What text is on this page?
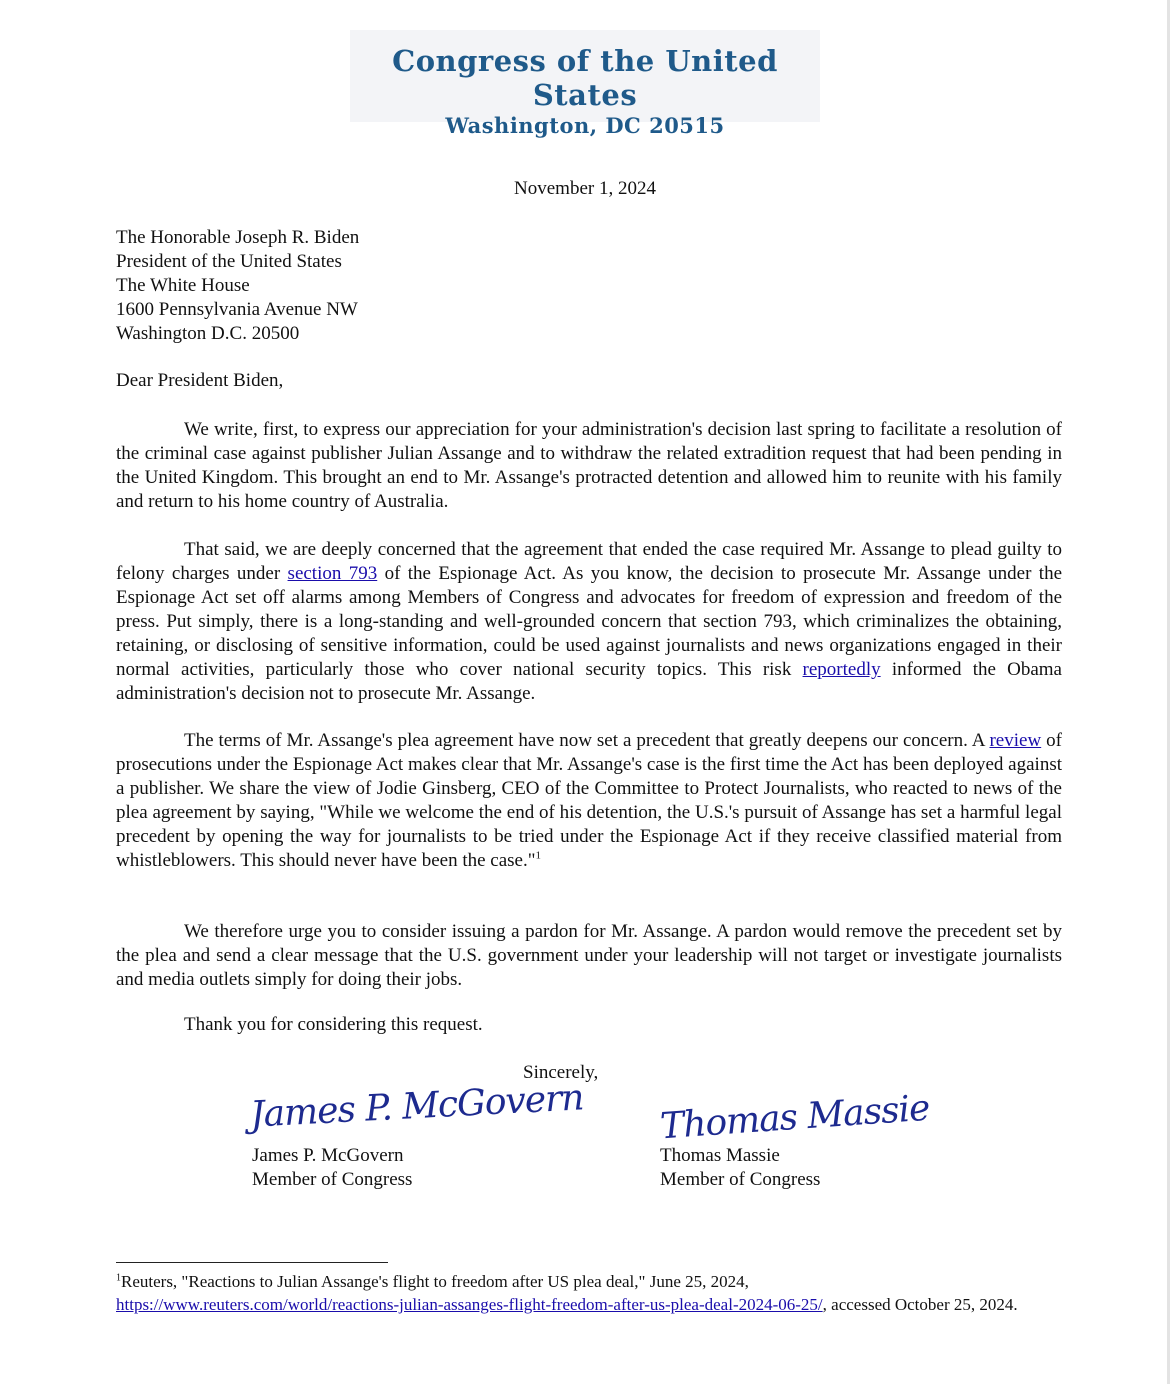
Congress of the United States
Washington, DC 20515
November 1, 2024
The Honorable Joseph R. Biden
President of the United States
The White House
1600 Pennsylvania Avenue NW
Washington D.C. 20500
Dear President Biden,
We write, first, to express our appreciation for your administration's decision last spring to facilitate a resolution of the criminal case against publisher Julian Assange and to withdraw the related extradition request that had been pending in the United Kingdom. This brought an end to Mr. Assange's protracted detention and allowed him to reunite with his family and return to his home country of Australia.
That said, we are deeply concerned that the agreement that ended the case required Mr. Assange to plead guilty to felony charges under section 793 of the Espionage Act. As you know, the decision to prosecute Mr. Assange under the Espionage Act set off alarms among Members of Congress and advocates for freedom of expression and freedom of the press. Put simply, there is a long-standing and well-grounded concern that section 793, which criminalizes the obtaining, retaining, or disclosing of sensitive information, could be used against journalists and news organizations engaged in their normal activities, particularly those who cover national security topics. This risk reportedly informed the Obama administration's decision not to prosecute Mr. Assange.
The terms of Mr. Assange's plea agreement have now set a precedent that greatly deepens our concern. A review of prosecutions under the Espionage Act makes clear that Mr. Assange's case is the first time the Act has been deployed against a publisher. We share the view of Jodie Ginsberg, CEO of the Committee to Protect Journalists, who reacted to news of the plea agreement by saying, "While we welcome the end of his detention, the U.S.'s pursuit of Assange has set a harmful legal precedent by opening the way for journalists to be tried under the Espionage Act if they receive classified material from whistleblowers. This should never have been the case."$^1$
We therefore urge you to consider issuing a pardon for Mr. Assange. A pardon would remove the precedent set by the plea and send a clear message that the U.S. government under your leadership will not target or investigate journalists and media outlets simply for doing their jobs.
Thank you for considering this request.
Sincerely,
James P. McGovern Thomas Massie
James P. McGovern
Member of Congress
Thomas Massie
Member of Congress
$^1$Reuters, "Reactions to Julian Assange's flight to freedom after US plea deal," June 25, 2024,
https://www.reuters.com/world/reactions-julian-assanges-flight-freedom-after-us-plea-deal-2024-06-25/, accessed October 25, 2024.
